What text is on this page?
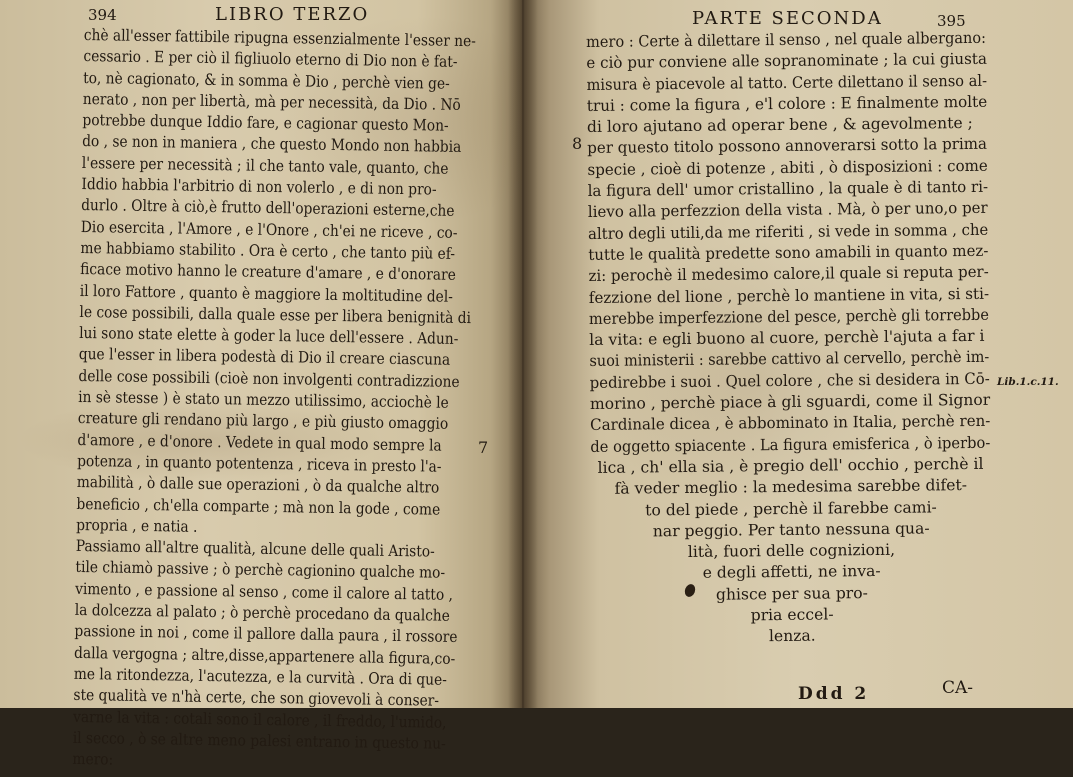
394	LIBRO TERZO
7
chè all'esser fattibile ripugna essenzialmente l'esser ne-
cessario . E per ciò il figliuolo eterno di Dio non è fat-
to, nè cagionato, & in somma è Dio , perchè vien ge-
nerato , non per libertà, mà per necessità, da Dio . Nō
potrebbe dunque Iddio fare, e cagionar questo Mon-
do , se non in maniera , che questo Mondo non habbia
l'essere per necessità ; il che tanto vale, quanto, che
Iddio habbia l'arbitrio di non volerlo , e di non pro-
durlo . Oltre à ciò,è frutto dell'operazioni esterne,che
Dio esercita , l'Amore , e l'Onore , ch'ei ne riceve , co-
me habbiamo stabilito . Ora è certo , che tanto più ef-
ficace motivo hanno le creature d'amare , e d'onorare
il loro Fattore , quanto è maggiore la moltitudine del-
le cose possibili, dalla quale esse per libera benignità di
lui sono state elette à goder la luce dell'essere . Adun-
que l'esser in libera podestà di Dio il creare ciascuna
delle cose possibili (cioè non involgenti contradizzione
in sè stesse ) è stato un mezzo utilissimo, acciochè le
creature gli rendano più largo , e più giusto omaggio
d'amore , e d'onore . Vedete in qual modo sempre la
potenza , in quanto potentenza , riceva in presto l'a-
mabilità , ò dalle sue operazioni , ò da qualche altro
beneficio , ch'ella comparte ; mà non la gode , come
propria , e natia .
Passiamo all'altre qualità, alcune delle quali Aristo-
tile chiamò passive ; ò perchè cagionino qualche mo-
vimento , e passione al senso , come il calore al tatto ,
la dolcezza al palato ; ò perchè procedano da qualche
passione in noi , come il pallore dalla paura , il rossore
dalla vergogna ; altre,disse,appartenere alla figura,co-
me la ritondezza, l'acutezza, e la curvità . Ora di que-
ste qualità ve n'hà certe, che son giovevoli à conser-
varne la vita : cotali sono il calore , il freddo, l'umido,
il secco , ò se altre meno palesi entrano in questo nu-
mero:
PARTE SECONDA	395
8
Lib.1.c.11.
Ddd 2	CA-
mero : Certe à dilettare il senso , nel quale albergano:
e ciò pur conviene alle sopranominate ; la cui giusta
misura è piacevole al tatto. Certe dilettano il senso al-
trui : come la figura , e'l colore : E finalmente molte
di loro ajutano ad operar bene , & agevolmente ;
per questo titolo possono annoverarsi sotto la prima
specie , cioè di potenze , abiti , ò disposizioni : come
la figura dell' umor cristallino , la quale è di tanto ri-
lievo alla perfezzion della vista . Mà, ò per uno,o per
altro degli utili,da me riferiti , si vede in somma , che
tutte le qualità predette sono amabili in quanto mez-
zi: perochè il medesimo calore,il quale si reputa per-
fezzione del lione , perchè lo mantiene in vita, si sti-
merebbe imperfezzione del pesce, perchè gli torrebbe
la vita: e egli buono al cuore, perchè l'ajuta a far i
suoi ministerii : sarebbe cattivo al cervello, perchè im-
pedirebbe i suoi . Quel colore , che si desidera in Cō-
morino , perchè piace à gli sguardi, come il Signor
Cardinale dicea , è abbominato in Italia, perchè ren-
de oggetto spiacente . La figura emisferica , ò iperbo-
lica , ch' ella sia , è pregio dell' occhio , perchè il
fà veder meglio : la medesima sarebbe difet-
to del piede , perchè il farebbe cami-
nar peggio. Per tanto nessuna qua-
lità, fuori delle cognizioni,
e degli affetti, ne inva-
ghisce per sua pro-
pria eccel-
lenza.
